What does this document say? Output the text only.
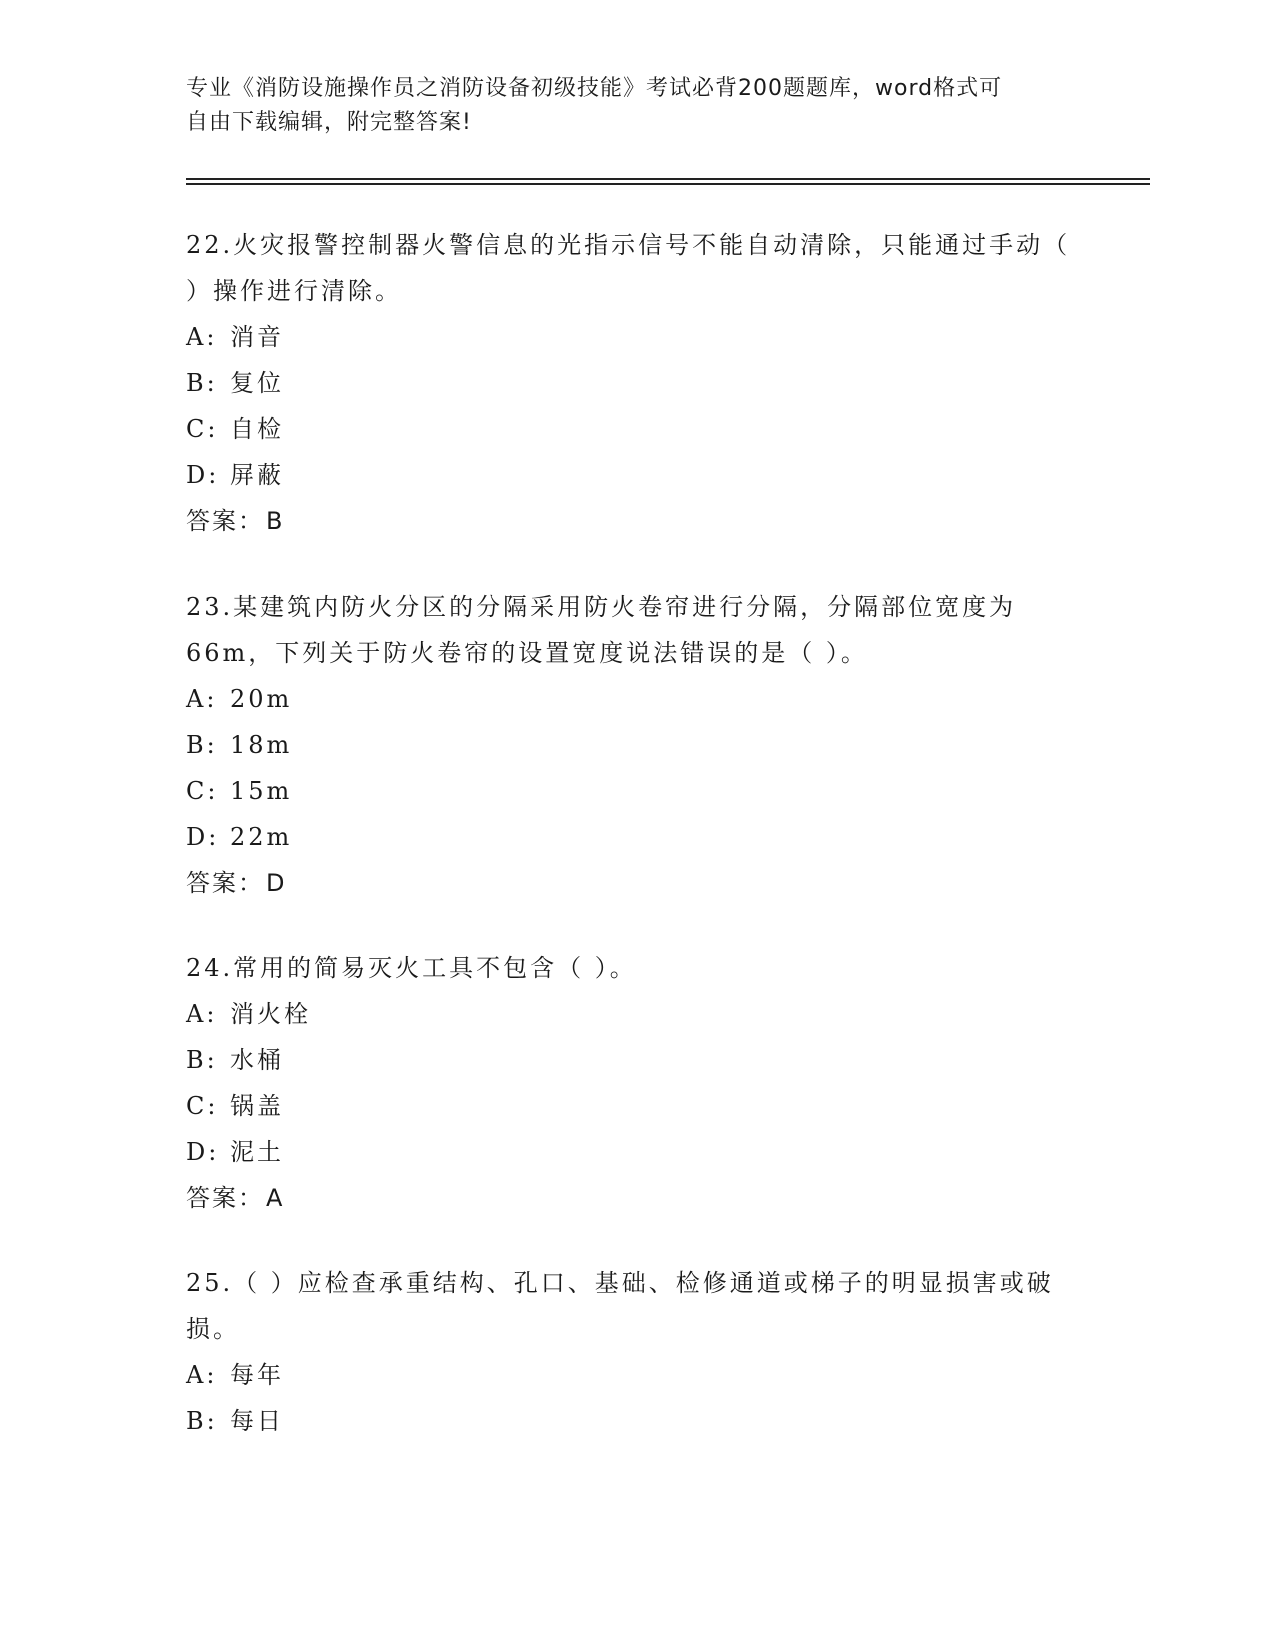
专业《消防设施操作员之消防设备初级技能》考试必背200题题库，word格式可
自由下载编辑，附完整答案!

22.火灾报警控制器火警信息的光指示信号不能自动清除，只能通过手动（ ）操作进行清除。

A: 消音
B: 复位
C: 自检
D: 屏蔽

答案：B

23.某建筑内防火分区的分隔采用防火卷帘进行分隔，分隔部位宽度为66m，下列关于防火卷帘的设置宽度说法错误的是（ ）。

A: 20m
B: 18m
C: 15m
D: 22m

答案：D

24.常用的简易灭火工具不包含（ ）。

A: 消火栓
B: 水桶
C: 锅盖
D: 泥土

答案：A

25.（ ）应检查承重结构、孔口、基础、检修通道或梯子的明显损害或破损。

A: 每年
B: 每日
